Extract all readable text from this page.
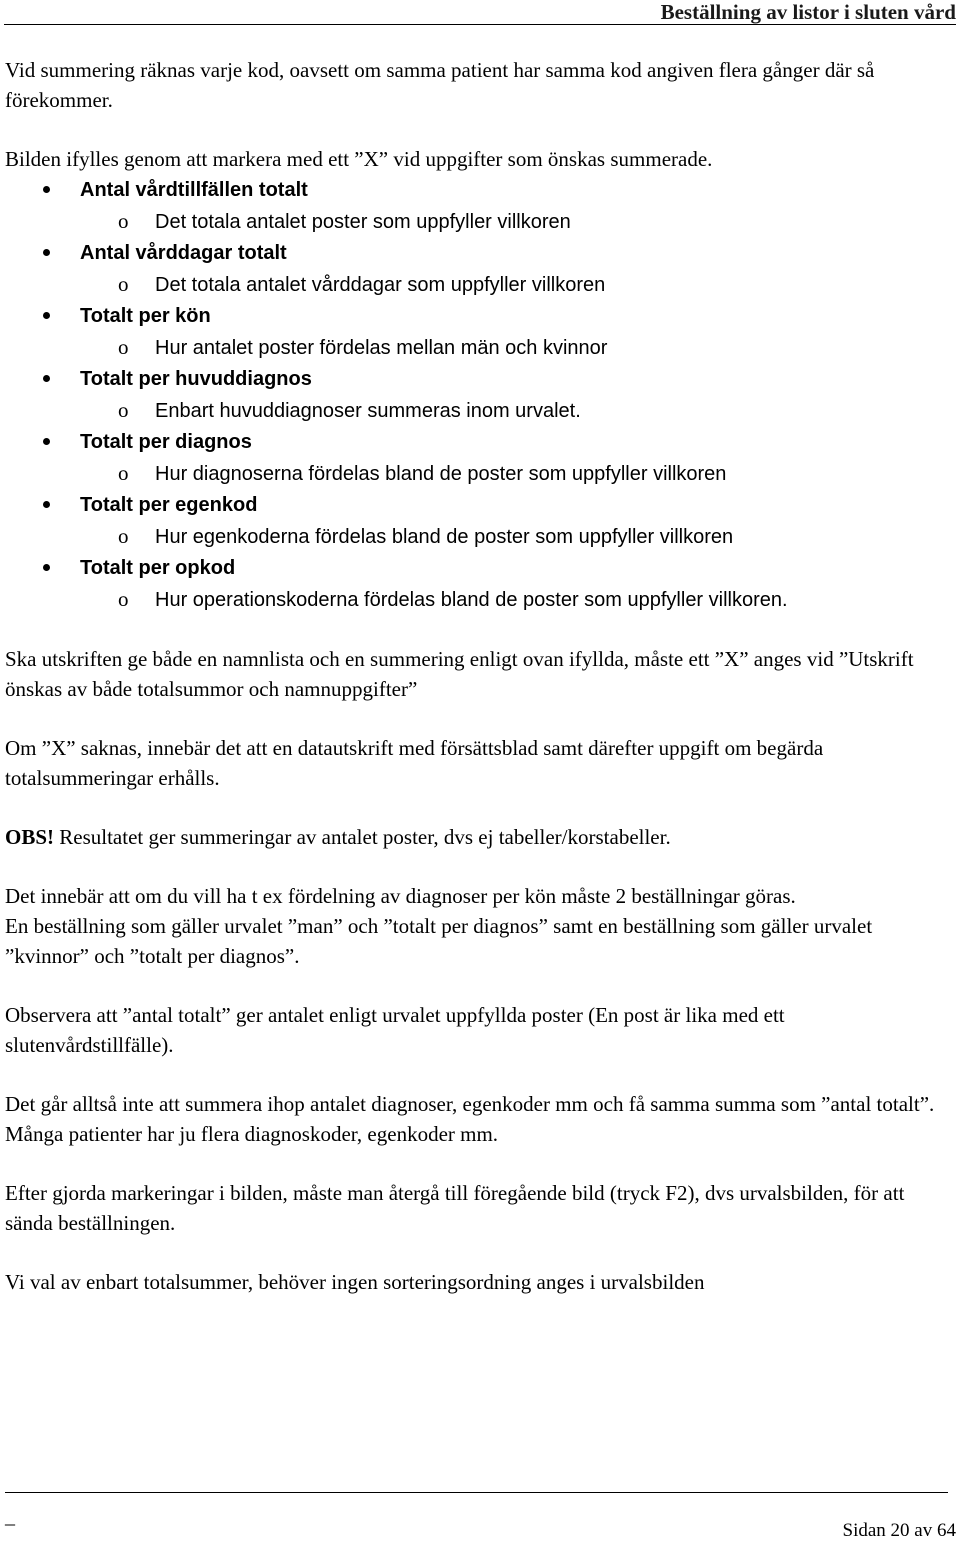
Beställning av listor i sluten vård

Vid summering räknas varje kod, oavsett om samma patient har samma kod angiven flera gånger där så förekommer.

Bilden ifylles genom att markera med ett ”X” vid uppgifter som önskas summerade.

Antal vårdtillfällen totalt
o Det totala antalet poster som uppfyller villkoren
Antal vårddagar totalt
o Det totala antalet vårddagar som uppfyller villkoren
Totalt per kön
o Hur antalet poster fördelas mellan män och kvinnor
Totalt per huvuddiagnos
o Enbart huvuddiagnoser summeras inom urvalet.
Totalt per diagnos
o Hur diagnoserna fördelas bland de poster som uppfyller villkoren
Totalt per egenkod
o Hur egenkoderna fördelas bland de poster som uppfyller villkoren
Totalt per opkod
o Hur operationskoderna fördelas bland de poster som uppfyller villkoren.

Ska utskriften ge både en namnlista och en summering enligt ovan ifyllda, måste ett ”X” anges vid ”Utskrift önskas av både totalsummor och namnuppgifter”

Om ”X” saknas, innebär det att en datautskrift med försättsblad samt därefter uppgift om begärda totalsummeringar erhålls.

OBS! Resultatet ger summeringar av antalet poster, dvs ej tabeller/korstabeller.

Det innebär att om du vill ha t ex fördelning av diagnoser per kön måste 2 beställningar göras.

En beställning som gäller urvalet ”man” och ”totalt per diagnos” samt en beställning som gäller urvalet ”kvinnor” och ”totalt per diagnos”.

Observera att ”antal totalt” ger antalet enligt urvalet uppfyllda poster (En post är lika med ett slutenvårdstillfälle).

Det går alltså inte att summera ihop antalet diagnoser, egenkoder mm och få samma summa som ”antal totalt”. Många patienter har ju flera diagnoskoder, egenkoder mm.

Efter gjorda markeringar i bilden, måste man återgå till föregående bild (tryck F2), dvs urvalsbilden, för att sända beställningen.

Vi val av enbart totalsummer, behöver ingen sorteringsordning anges i urvalsbilden

_
Sidan 20 av 64
